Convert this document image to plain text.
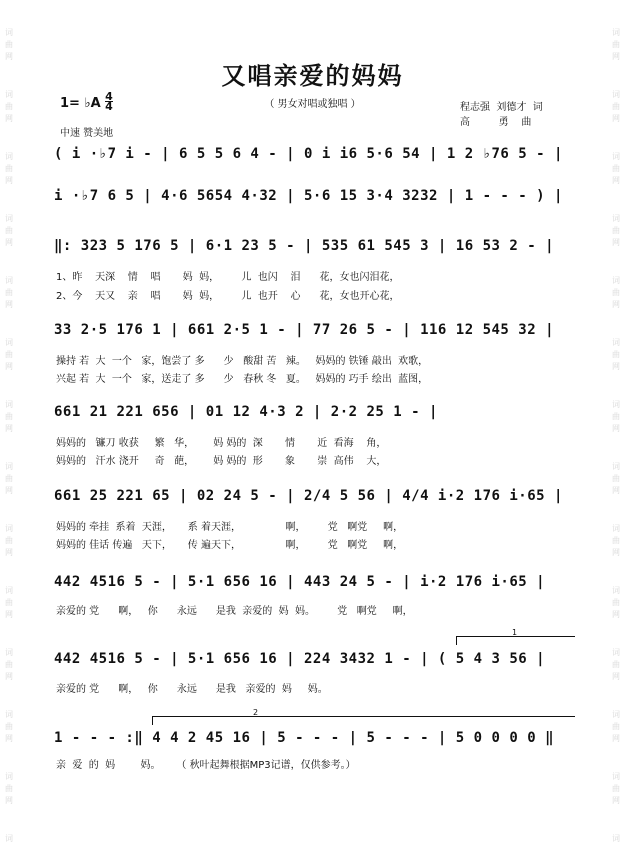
词
曲
网
词
曲
网
词
曲
网
词
曲
网
词
曲
网
词
曲
网
词
曲
网
词
曲
网
词
曲
网
词
曲
网
词
曲
网
词
曲
网
词
曲
网
词
词
曲
网
词
曲
网
词
曲
网
词
曲
网
词
曲
网
词
曲
网
词
曲
网
词
曲
网
词
曲
网
词
曲
网
词
曲
网
词
曲
网
词
曲
网
词
又唱亲爱的妈妈
（ 男女对唱或独唱 ）
1= ♭A 4
4
中速 赞美地
程志强  刘德才  词
高         勇    曲
( i ·♭7 i - | 6 5 5 6 4 - | 0 i i6 5·6 54 | 1 2 ♭76 5 - |
i ·♭7 6 5 | 4·6 5654 4·32 | 5·6 15 3·4 3232 | 1 - - - ) |
‖: 323 5 176 5 | 6·1 23 5 - | 535 61 545 3 | 16 53 2 - |
33 2·5 176 1 | 661 2·5 1 - | 77 26 5 - | 116 12 545 32 |
661 21 221 656 | 01 12 4·3 2 | 2·2 25 1 - |
661 25 221 65 | 02 24 5 - | 2/4 5 56 | 4/4 i·2 176 i·65 |
442 4516 5 - | 5·1 656 16 | 443 24 5 - | i·2 176 i·65 |
442 4516 5 - | 5·1 656 16 | 224 3432 1 - | ( 5 4 3 56 |
1 - - - :‖ 4 4 2 45 16 | 5 - - - | 5 - - - | 5 0 0 0 0 ‖
1、昨    天深    情    唱       妈  妈，       儿  也闪    泪      花，女也闪泪花，
2、今    天又    亲    唱       妈  妈，       儿  也开    心      花，女也开心花，
操持 若  大  一个   家，饱尝了 多      少   酸甜 苦   辣。   妈妈的 铁锤 敲出  欢歌，
兴起 若  大  一个   家，送走了 多      少   春秋 冬   夏。   妈妈的 巧手 绘出  蓝图，
妈妈的   镰刀 收获     繁   华，      妈 妈的  深       情       近  看海    角，
妈妈的   汗水 浇开     奇   葩，      妈 妈的  形       象       崇  高伟    大，
妈妈的 牵挂  系着  天涯，     系 着天涯，              啊，       党   啊党     啊，
妈妈的 佳话 传遍   天下，     传 遍天下，              啊，       党   啊党     啊，
亲爱的 党      啊，   你      永远      是我  亲爱的  妈  妈。       党   啊党     啊，
亲爱的 党      啊，   你      永远      是我   亲爱的  妈     妈。
亲  爱  的  妈        妈。     （ 秋叶起舞根据MP3记谱，仅供参考。）
1
2
